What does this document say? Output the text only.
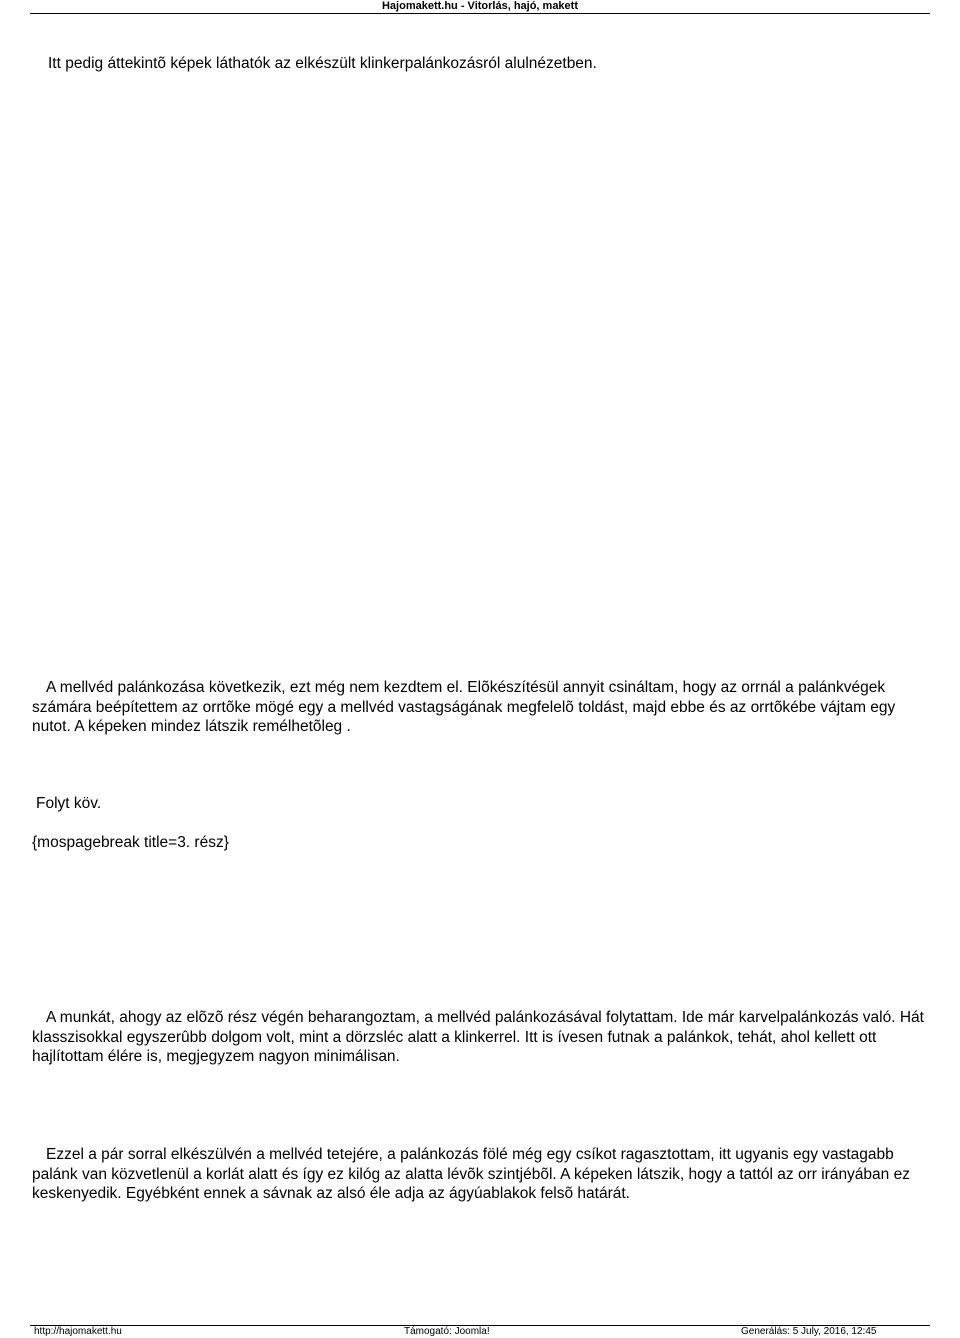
Hajomakett.hu - Vitorlás, hajó, makett

Itt pedig áttekintõ képek láthatók az elkészült klinkerpalánkozásról alulnézetben.

A mellvéd palánkozása következik, ezt még nem kezdtem el. Elõkészítésül annyit csináltam, hogy az orrnál a palánkvégek számára beépítettem az orrtõke mögé egy a mellvéd vastagságának megfelelõ toldást, majd ebbe és az orrtõkébe vájtam egy nutot. A képeken mindez látszik remélhetõleg .

Folyt köv.

{mospagebreak title=3. rész}

A munkát, ahogy az elõzõ rész végén beharangoztam, a mellvéd palánkozásával folytattam. Ide már karvelpalánkozás való. Hát klasszisokkal egyszerûbb dolgom volt, mint a dörzsléc alatt a klinkerrel. Itt is ívesen futnak a palánkok, tehát, ahol kellett ott hajlítottam élére is, megjegyzem nagyon minimálisan.

Ezzel a pár sorral elkészülvén a mellvéd tetejére, a palánkozás fölé még egy csíkot ragasztottam, itt ugyanis egy vastagabb palánk van közvetlenül a korlát alatt és így ez kilóg az alatta lévõk szintjébõl. A képeken látszik, hogy a tattól az orr irányában ez keskenyedik. Egyébként ennek a sávnak az alsó éle adja az ágyúablakok felsõ határát.

http://hajomakett.hu	Támogató: Joomla!	Generálás: 5 July, 2016, 12:45
